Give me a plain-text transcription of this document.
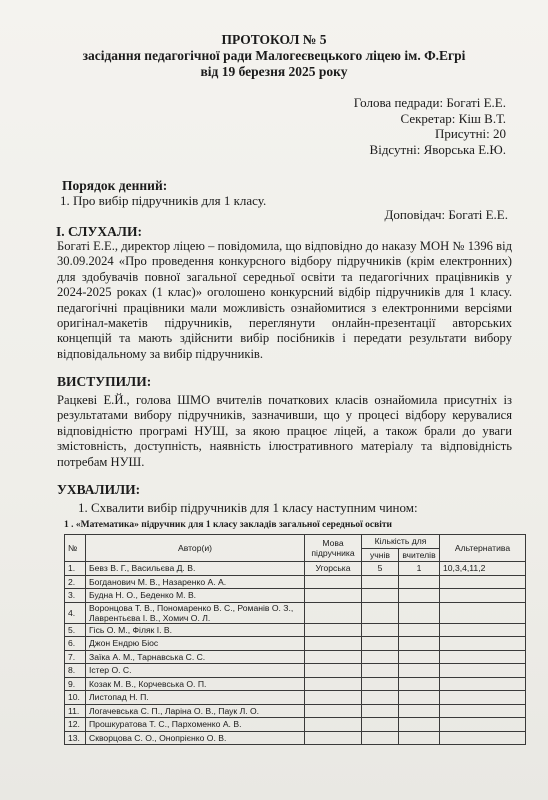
ПРОТОКОЛ № 5
засідання педагогічної ради Малогеєвецького ліцею ім. Ф.Егрі
від 19 березня 2025 року
Голова педради: Богаті Е.Е.
Секретар: Кіш В.Т.
Присутні: 20
Відсутні: Яворська Е.Ю.
Порядок денний:
1. Про вибір підручників для 1 класу.
Доповідач: Богаті Е.Е.
І. СЛУХАЛИ:
Богаті Е.Е., директор ліцею – повідомила, що відповідно до наказу МОН № 1396 від 30.09.2024 «Про проведення конкурсного відбору підручників (крім електронних) для здобувачів повної загальної середньої освіти та педагогічних працівників у 2024-2025 роках (1 клас)» оголошено конкурсний відбір підручників для 1 класу. педагогічні працівники мали можливість ознайомитися з електронними версіями оригінал-макетів підручників, переглянути онлайн-презентації авторських концепцій та мають здійснити вибір посібників і передати результати вибору відповідальному за вибір підручників.
ВИСТУПИЛИ:
Рацкеві Е.Й., голова ШМО вчителів початкових класів ознайомила присутніх із результатами вибору підручників, зазначивши, що у процесі відбору керувалися відповідністю програмі НУШ, за якою працює ліцей, а також брали до уваги змістовність, доступність, наявність ілюстративного матеріалу та відповідність потребам НУШ.
УХВАЛИЛИ:
1. Схвалити вибір підручників для 1 класу наступним чином:
1 . «Математика» підручник для 1 класу закладів загальної середньої освіти
№	Автор(и)	Мова
підручника	Кількість для		Альтернатива
			учнів	вчителів	
1.	Бевз В. Г., Васильєва Д. В.	Угорська	5	1	10,3,4,11,2
2.	Богданович М. В., Назаренко А. А.				
3.	Будна Н. О., Беденко М. В.				
4.	Воронцова Т. В., Пономаренко В. С., Романів О. З.,
Лаврентьєва І. В., Хомич О. Л.				
5.	Гісь О. М., Філяк І. В.				
6.	Джон Ендрю Біос				
7.	Заїка А. М., Тарнавська С. С.				
8.	Істер О. С.				
9.	Козак М. В., Корчевська О. П.				
10.	Листопад Н. П.				
11.	Логачевська С. П., Ларіна О. В., Паук Л. О.				
12.	Прошкуратова Т. С., Пархоменко А. В.				
13.	Скворцова С. О., Онопрієнко О. В.				
